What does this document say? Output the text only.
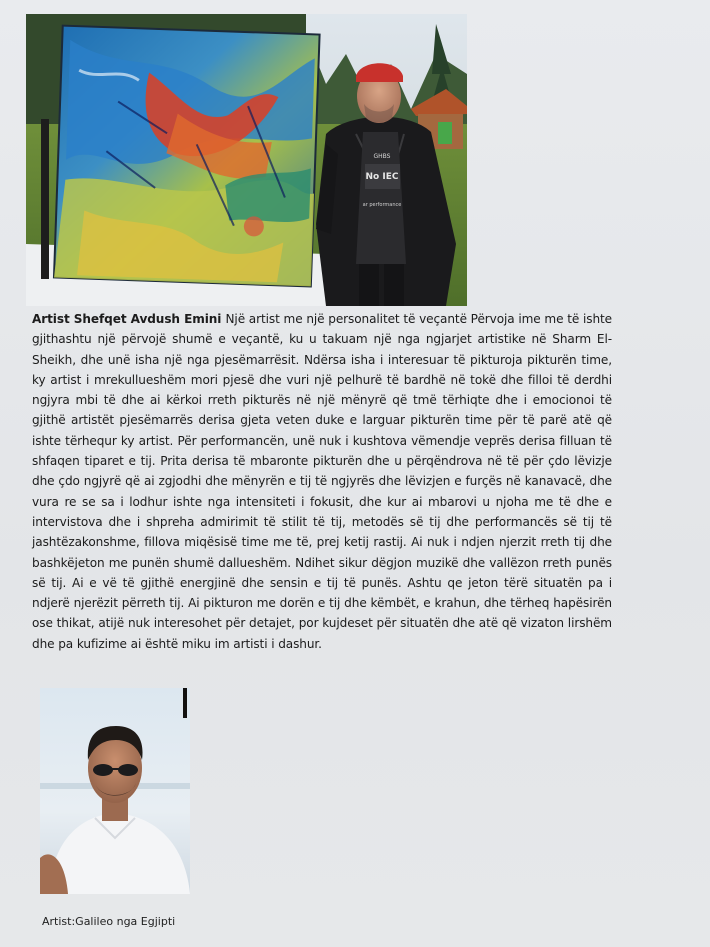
GHBS
No IEC
ar performance
Artist Shefqet Avdush Emini Një artist me një personalitet të veçantë Përvoja ime me të ishte gjithashtu një përvojë shumë e veçantë, ku u takuam një nga ngjarjet artistike në Sharm El-Sheikh, dhe unë isha një nga pjesëmarrësit. Ndërsa isha i interesuar të pikturoja pikturën time, ky artist i mrekullueshëm mori pjesë dhe vuri një pelhurë të bardhë në tokë dhe filloi të derdhi ngjyra mbi të dhe ai kërkoi rreth pikturës në një mënyrë që tmë tërhiqte dhe i emocionoi të gjithë artistët pjesëmarrës derisa gjeta veten duke e larguar pikturën time për të parë atë që ishte tërhequr ky artist. Për performancën, unë nuk i kushtova vëmendje veprës derisa filluan të shfaqen tiparet e tij. Prita derisa të mbaronte pikturën dhe u përqëndrova në të për çdo lëvizje dhe çdo ngjyrë që ai zgjodhi dhe mënyrën e tij të ngjyrës dhe lëvizjen e furçës në kanavacë, dhe vura re se sa i lodhur ishte nga intensiteti i fokusit, dhe kur ai mbarovi u njoha me të dhe e intervistova dhe i shpreha admirimit të stilit të tij, metodës së tij dhe performancës së tij të jashtëzakonshme, fillova miqësisë time me të, prej ketij rastij. Ai nuk i ndjen njerzit rreth tij dhe bashkëjeton me punën shumë dallueshëm. Ndihet sikur dëgjon muzikë dhe vallëzon rreth punës së tij. Ai e vë të gjithë energjinë dhe sensin e tij të punës. Ashtu qe jeton tërë situatën pa i ndjerë njerëzit përreth tij. Ai pikturon me dorën e tij dhe këmbët, e krahun, dhe tërheq hapësirën ose thikat, atijë nuk interesohet për detajet, por kujdeset për situatën dhe atë që vizaton lirshëm dhe pa kufizime ai është miku im artisti i dashur.
Artist:Galileo nga Egjipti
